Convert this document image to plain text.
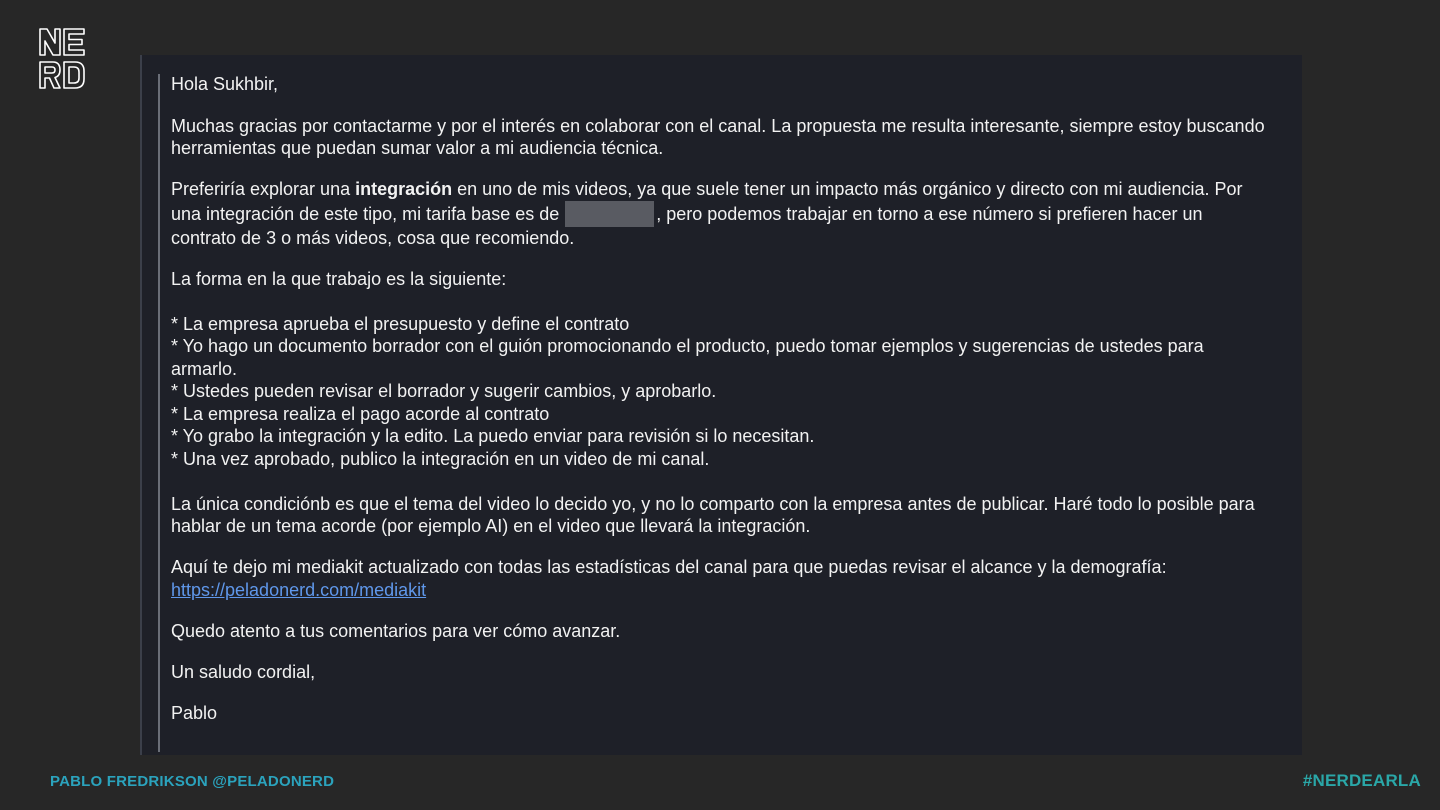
Hola Sukhbir,

Muchas gracias por contactarme y por el interés en colaborar con el canal. La propuesta me resulta interesante, siempre estoy buscando herramientas que puedan sumar valor a mi audiencia técnica.

Preferiría explorar una integración en uno de mis videos, ya que suele tener un impacto más orgánico y directo con mi audiencia. Por una integración de este tipo, mi tarifa base es de	, pero podemos trabajar en torno a ese número si prefieren hacer un contrato de 3 o más videos, cosa que recomiendo.

La forma en la que trabajo es la siguiente:

* La empresa aprueba el presupuesto y define el contrato
* Yo hago un documento borrador con el guión promocionando el producto, puedo tomar ejemplos y sugerencias de ustedes para armarlo.
* Ustedes pueden revisar el borrador y sugerir cambios, y aprobarlo.
* La empresa realiza el pago acorde al contrato
* Yo grabo la integración y la edito. La puedo enviar para revisión si lo necesitan.
* Una vez aprobado, publico la integración en un video de mi canal.

La única condiciónb es que el tema del video lo decido yo, y no lo comparto con la empresa antes de publicar. Haré todo lo posible para hablar de un tema acorde (por ejemplo AI) en el video que llevará la integración.

Aquí te dejo mi mediakit actualizado con todas las estadísticas del canal para que puedas revisar el alcance y la demografía:
https://peladonerd.com/mediakit

Quedo atento a tus comentarios para ver cómo avanzar.

Un saludo cordial,

Pablo

PABLO FREDRIKSON @PELADONERD	#NERDEARLA
